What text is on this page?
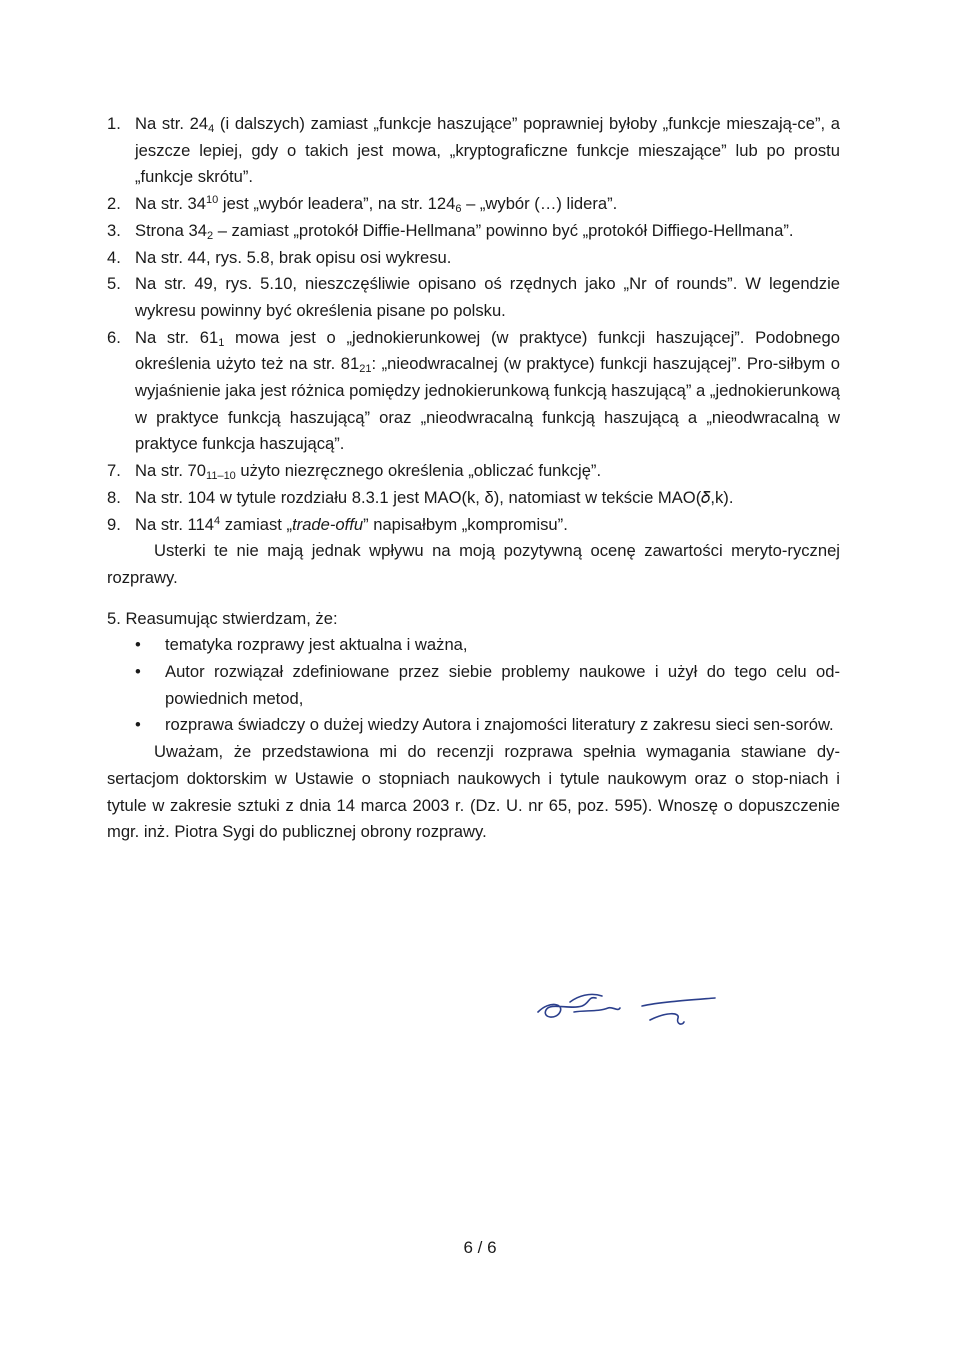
1. Na str. $24_4$ (i dalszych) zamiast „funkcje haszujące” poprawniej byłoby „funkcje mieszają-ce”, a jeszcze lepiej, gdy o takich jest mowa, „kryptograficzne funkcje mieszające” lub po prostu „funkcje skrótu”.
2. Na str. $34^{10}$ jest „wybór leadera”, na str. $124_6$ – „wybór (…) lidera”.
3. Strona $34_2$ – zamiast „protokół Diffie-Hellmana” powinno być „protokół Diffiego-Hellmana”.
4. Na str. 44, rys. 5.8, brak opisu osi wykresu.
5. Na str. 49, rys. 5.10, nieszczęśliwie opisano oś rzędnych jako „Nr of rounds”. W legendzie wykresu powinny być określenia pisane po polsku.
6. Na str. $61_1$ mowa jest o „jednokierunkowej (w praktyce) funkcji haszującej”. Podobnego określenia użyto też na str. $81_{21}$: „nieodwracalnej (w praktyce) funkcji haszującej”. Pro-siłbym o wyjaśnienie jaka jest różnica pomiędzy jednokierunkową funkcją haszującą” a „jednokierunkową w praktyce funkcją haszującą” oraz „nieodwracalną funkcją haszującą a „nieodwracalną w praktyce funkcja haszującą”.
7. Na str. $70_{11-10}$ użyto niezręcznego określenia „obliczać funkcję”.
8. Na str. 104 w tytule rozdziału 8.3.1 jest MAO(k, δ), natomiast w tekście MAO(𝛿,k).
9. Na str. $114^4$ zamiast „trade-offu” napisałbym „kompromisu”.

Usterki te nie mają jednak wpływu na moją pozytywną ocenę zawartości meryto-rycznej rozprawy.

5. Reasumując stwierdzam, że:
•	tematyka rozprawy jest aktualna i ważna,
•	Autor rozwiązał zdefiniowane przez siebie problemy naukowe i użył do tego celu od-powiednich metod,
•	rozprawa świadczy o dużej wiedzy Autora i znajomości literatury z zakresu sieci sen-sorów.

Uważam, że przedstawiona mi do recenzji rozprawa spełnia wymagania stawiane dy-sertacjom doktorskim w Ustawie o stopniach naukowych i tytule naukowym oraz o stop-niach i tytule w zakresie sztuki z dnia 14 marca 2003 r. (Dz. U. nr 65, poz. 595). Wnoszę o dopuszczenie mgr. inż. Piotra Sygi do publicznej obrony rozprawy.

6 / 6
